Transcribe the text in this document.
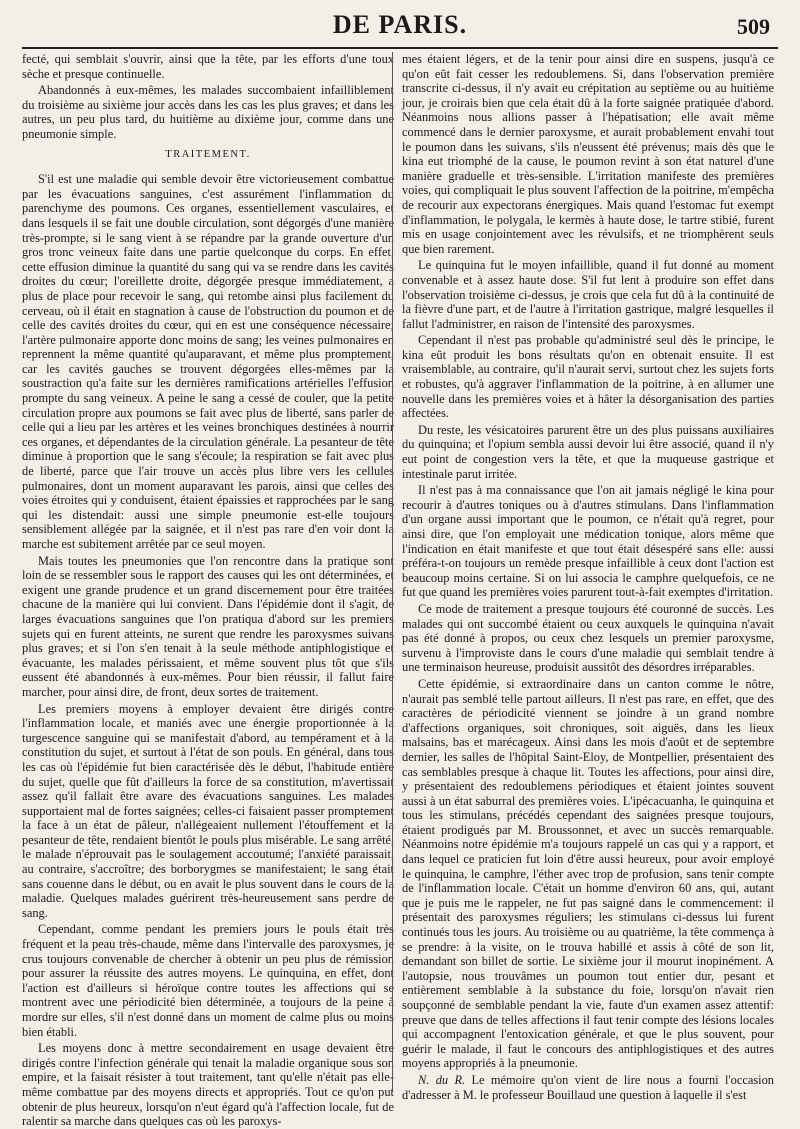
DE PARIS.	509

fecté, qui semblait s'ouvrir, ainsi que la tête, par les efforts d'une toux sèche et presque continuelle.

Abandonnés à eux-mêmes, les malades succombaient infailliblement du troisième au sixième jour accès dans les cas les plus graves; et dans les autres, un peu plus tard, du huitième au dixième jour, comme dans une pneumonie simple.

TRAITEMENT.

S'il est une maladie qui semble devoir être victorieusement combattue par les évacuations sanguines, c'est assurément l'inflammation du parenchyme des poumons. Ces organes, essentiellement vasculaires, et dans lesquels il se fait une double circulation, sont dégorgés d'une manière très-prompte, si le sang vient à se répandre par la grande ouverture d'un gros tronc veineux faite dans une partie quelconque du corps. En effet, cette effusion diminue la quantité du sang qui va se rendre dans les cavités droites du cœur; l'oreillette droite, dégorgée presque immédiatement, a plus de place pour recevoir le sang, qui retombe ainsi plus facilement du cerveau, où il était en stagnation à cause de l'obstruction du poumon et de celle des cavités droites du cœur, qui en est une conséquence nécessaire; l'artère pulmonaire apporte donc moins de sang; les veines pulmonaires en reprennent la même quantité qu'auparavant, et même plus promptement, car les cavités gauches se trouvent dégorgées elles-mêmes par la soustraction qu'a faite sur les dernières ramifications artérielles l'effusion prompte du sang veineux. A peine le sang a cessé de couler, que la petite circulation propre aux poumons se fait avec plus de liberté, sans parler de celle qui a lieu par les artères et les veines bronchiques destinées à nourrir ces organes, et dépendantes de la circulation générale. La pesanteur de tête diminue à proportion que le sang s'écoule; la respiration se fait avec plus de liberté, parce que l'air trouve un accès plus libre vers les cellules pulmonaires, dont un moment auparavant les parois, ainsi que celles des voies étroites qui y conduisent, étaient épaissies et rapprochées par le sang qui les distendait: aussi une simple pneumonie est-elle toujours sensiblement allégée par la saignée, et il n'est pas rare d'en voir dont la marche est subitement arrêtée par ce seul moyen.

Mais toutes les pneumonies que l'on rencontre dans la pratique sont loin de se ressembler sous le rapport des causes qui les ont déterminées, et exigent une grande prudence et un grand discernement pour être traitées chacune de la manière qui lui convient. Dans l'épidémie dont il s'agit, de larges évacuations sanguines que l'on pratiqua d'abord sur les premiers sujets qui en furent atteints, ne surent que rendre les paroxysmes suivans plus graves; et si l'on s'en tenait à la seule méthode antiphlogistique et évacuante, les malades périssaient, et même souvent plus tôt que s'ils eussent été abandonnés à eux-mêmes. Pour bien réussir, il fallut faire marcher, pour ainsi dire, de front, deux sortes de traitement.

Les premiers moyens à employer devaient être dirigés contre l'inflammation locale, et maniés avec une énergie proportionnée à la turgescence sanguine qui se manifestait d'abord, au tempérament et à la constitution du sujet, et surtout à l'état de son pouls. En général, dans tous les cas où l'épidémie fut bien caractérisée dès le début, l'habitude entière du sujet, quelle que fût d'ailleurs la force de sa constitution, m'avertissait assez qu'il fallait être avare des évacuations sanguines. Les malades supportaient mal de fortes saignées; celles-ci faisaient passer promptement la face à un état de pâleur, n'allégeaient nullement l'étouffement et la pesanteur de tête, rendaient bientôt le pouls plus misérable. Le sang arrêté, le malade n'éprouvait pas le soulagement accoutumé; l'anxiété paraissait, au contraire, s'accroître; des borborygmes se manifestaient; le sang était sans couenne dans le début, ou en avait le plus souvent dans le cours de la maladie. Quelques malades guérirent très-heureusement sans perdre de sang.

Cependant, comme pendant les premiers jours le pouls était très fréquent et la peau très-chaude, même dans l'intervalle des paroxysmes, je crus toujours convenable de chercher à obtenir un peu plus de rémission pour assurer la réussite des autres moyens. Le quinquina, en effet, dont l'action est d'ailleurs si héroïque contre toutes les affections qui se montrent avec une périodicité bien déterminée, a toujours de la peine à mordre sur elles, s'il n'est donné dans un moment de calme plus ou moins bien établi.

Les moyens donc à mettre secondairement en usage devaient être dirigés contre l'infection générale qui tenait la maladie organique sous son empire, et la faisait résister à tout traitement, tant qu'elle n'était pas elle-même combattue par des moyens directs et appropriés. Tout ce qu'on put obtenir de plus heureux, lorsqu'on n'eut égard qu'à l'affection locale, fut de ralentir sa marche dans quelques cas où les paroxys-

mes étaient légers, et de la tenir pour ainsi dire en suspens, jusqu'à ce qu'on eût fait cesser les redoublemens. Si, dans l'observation première transcrite ci-dessus, il n'y avait eu crépitation au septième ou au huitième jour, je croirais bien que cela était dû à la forte saignée pratiquée d'abord. Néanmoins nous allions passer à l'hépatisation; elle avait même commencé dans le dernier paroxysme, et aurait probablement envahi tout le poumon dans les suivans, s'ils n'eussent été prévenus; mais dès que le kina eut triomphé de la cause, le poumon revint à son état naturel d'une manière graduelle et très-sensible. L'irritation manifeste des premières voies, qui compliquait le plus souvent l'affection de la poitrine, m'empêcha de recourir aux expectorans énergiques. Mais quand l'estomac fut exempt d'inflammation, le polygala, le kermès à haute dose, le tartre stibié, furent mis en usage conjointement avec les révulsifs, et ne triomphèrent seuls que bien rarement.

Le quinquina fut le moyen infaillible, quand il fut donné au moment convenable et à assez haute dose. S'il fut lent à produire son effet dans l'observation troisième ci-dessus, je crois que cela fut dû à la continuité de la fièvre d'une part, et de l'autre à l'irritation gastrique, malgré lesquelles il fallut l'administrer, en raison de l'intensité des paroxysmes.

Cependant il n'est pas probable qu'administré seul dès le principe, le kina eût produit les bons résultats qu'on en obtenait ensuite. Il est vraisemblable, au contraire, qu'il n'aurait servi, surtout chez les sujets forts et robustes, qu'à aggraver l'inflammation de la poitrine, à en allumer une nouvelle dans les premières voies et à hâter la désorganisation des parties affectées.

Du reste, les vésicatoires parurent être un des plus puissans auxiliaires du quinquina; et l'opium sembla aussi devoir lui être associé, quand il n'y eut point de congestion vers la tête, et que la muqueuse gastrique et intestinale parut irritée.

Il n'est pas à ma connaissance que l'on ait jamais négligé le kina pour recourir à d'autres toniques ou à d'autres stimulans. Dans l'inflammation d'un organe aussi important que le poumon, ce n'était qu'à regret, pour ainsi dire, que l'on employait une médication tonique, alors même que l'indication en était manifeste et que tout était désespéré sans elle: aussi préféra-t-on toujours un remède presque infaillible à ceux dont l'action est beaucoup moins certaine. Si on lui associa le camphre quelquefois, ce ne fut que quand les premières voies parurent tout-à-fait exemptes d'irritation.

Ce mode de traitement a presque toujours été couronné de succès. Les malades qui ont succombé étaient ou ceux auxquels le quinquina n'avait pas été donné à propos, ou ceux chez lesquels un premier paroxysme, survenu à l'improviste dans le cours d'une maladie qui semblait tendre à une terminaison heureuse, produisit aussitôt des désordres irréparables.

Cette épidémie, si extraordinaire dans un canton comme le nôtre, n'aurait pas semblé telle partout ailleurs. Il n'est pas rare, en effet, que des caractères de périodicité viennent se joindre à un grand nombre d'affections organiques, soit chroniques, soit aiguës, dans les lieux malsains, bas et marécageux. Ainsi dans les mois d'août et de septembre dernier, les salles de l'hôpital Saint-Eloy, de Montpellier, présentaient des cas semblables presque à chaque lit. Toutes les affections, pour ainsi dire, y présentaient des redoublemens périodiques et étaient jointes souvent aussi à un état saburral des premières voies. L'ipécacuanha, le quinquina et tous les stimulans, précédés cependant des saignées presque toujours, étaient prodigués par M. Broussonnet, et avec un succès remarquable. Néanmoins notre épidémie m'a toujours rappelé un cas qui y a rapport, et dans lequel ce praticien fut loin d'être aussi heureux, pour avoir employé le quinquina, le camphre, l'éther avec trop de profusion, sans tenir compte de l'inflammation locale. C'était un homme d'environ 60 ans, qui, autant que je puis me le rappeler, ne fut pas saigné dans le commencement: il présentait des paroxysmes réguliers; les stimulans ci-dessus lui furent continués tous les jours. Au troisième ou au quatrième, la tête commença à se prendre: à la visite, on le trouva habillé et assis à côté de son lit, demandant son billet de sortie. Le sixième jour il mourut inopinément. A l'autopsie, nous trouvâmes un poumon tout entier dur, pesant et entièrement semblable à la substance du foie, lorsqu'on n'avait rien soupçonné de semblable pendant la vie, faute d'un examen assez attentif: preuve que dans de telles affections il faut tenir compte des lésions locales qui accompagnent l'entoxication générale, et que le plus souvent, pour guérir le malade, il faut le concours des antiphlogistiques et des autres moyens appropriés à la pneumonie.

N. du R. Le mémoire qu'on vient de lire nous a fourni l'occasion d'adresser à M. le professeur Bouillaud une question à laquelle il s'est
